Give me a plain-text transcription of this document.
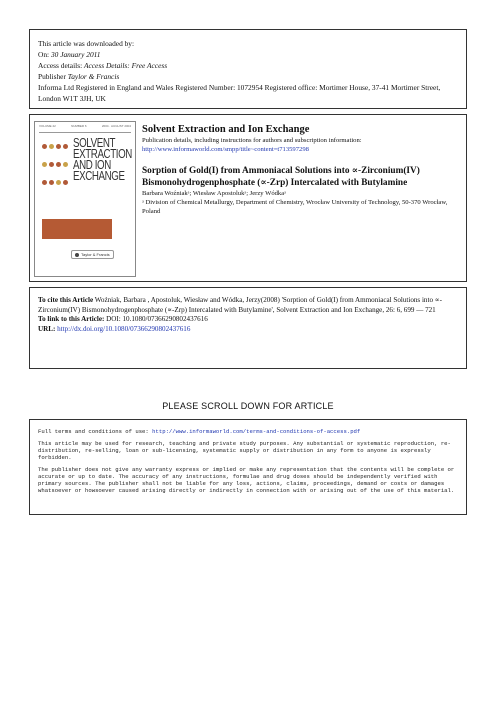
This article was downloaded by:
On: 30 January 2011
Access details: Access Details: Free Access
Publisher Taylor & Francis
Informa Ltd Registered in England and Wales Registered Number: 1072954 Registered office: Mortimer House, 37-41 Mortimer Street, London W1T 3JH, UK
VOLUME 22	NUMBER 6	2004 · AUGUST 2004

SOLVENT
EXTRACTION
AND ION
EXCHANGE
Taylor & Francis
Solvent Extraction and Ion Exchange
Publication details, including instructions for authors and subscription information:
http://www.informaworld.com/smpp/title~content=t713597298
Sorption of Gold(I) from Ammoniacal Solutions into ∝-Zirconium(IV) Bismonohydrogenphosphate (∝-Zrp) Intercalated with Butylamine
Barbara Woźniakᵃ; Wiesław Apostolukᵃ; Jerzy Wódkaᵃ
ᵃ Division of Chemical Metallurgy, Department of Chemistry, Wrocław University of Technology, 50-370 Wrocław, Poland

To cite this Article Woźniak, Barbara , Apostoluk, Wiesław and Wódka, Jerzy(2008) 'Sorption of Gold(I) from Ammoniacal Solutions into ∝-Zirconium(IV) Bismonohydrogenphosphate (∝-Zrp) Intercalated with Butylamine', Solvent Extraction and Ion Exchange, 26: 6, 699 — 721

To link to this Article: DOI: 10.1080/07366290802437616

URL: http://dx.doi.org/10.1080/07366290802437616

PLEASE SCROLL DOWN FOR ARTICLE

Full terms and conditions of use: http://www.informaworld.com/terms-and-conditions-of-access.pdf

This article may be used for research, teaching and private study purposes. Any substantial or systematic reproduction, re-distribution, re-selling, loan or sub-licensing, systematic supply or distribution in any form to anyone is expressly forbidden.

The publisher does not give any warranty express or implied or make any representation that the contents will be complete or accurate or up to date. The accuracy of any instructions, formulae and drug doses should be independently verified with primary sources. The publisher shall not be liable for any loss, actions, claims, proceedings, demand or costs or damages whatsoever or howsoever caused arising directly or indirectly in connection with or arising out of the use of this material.
